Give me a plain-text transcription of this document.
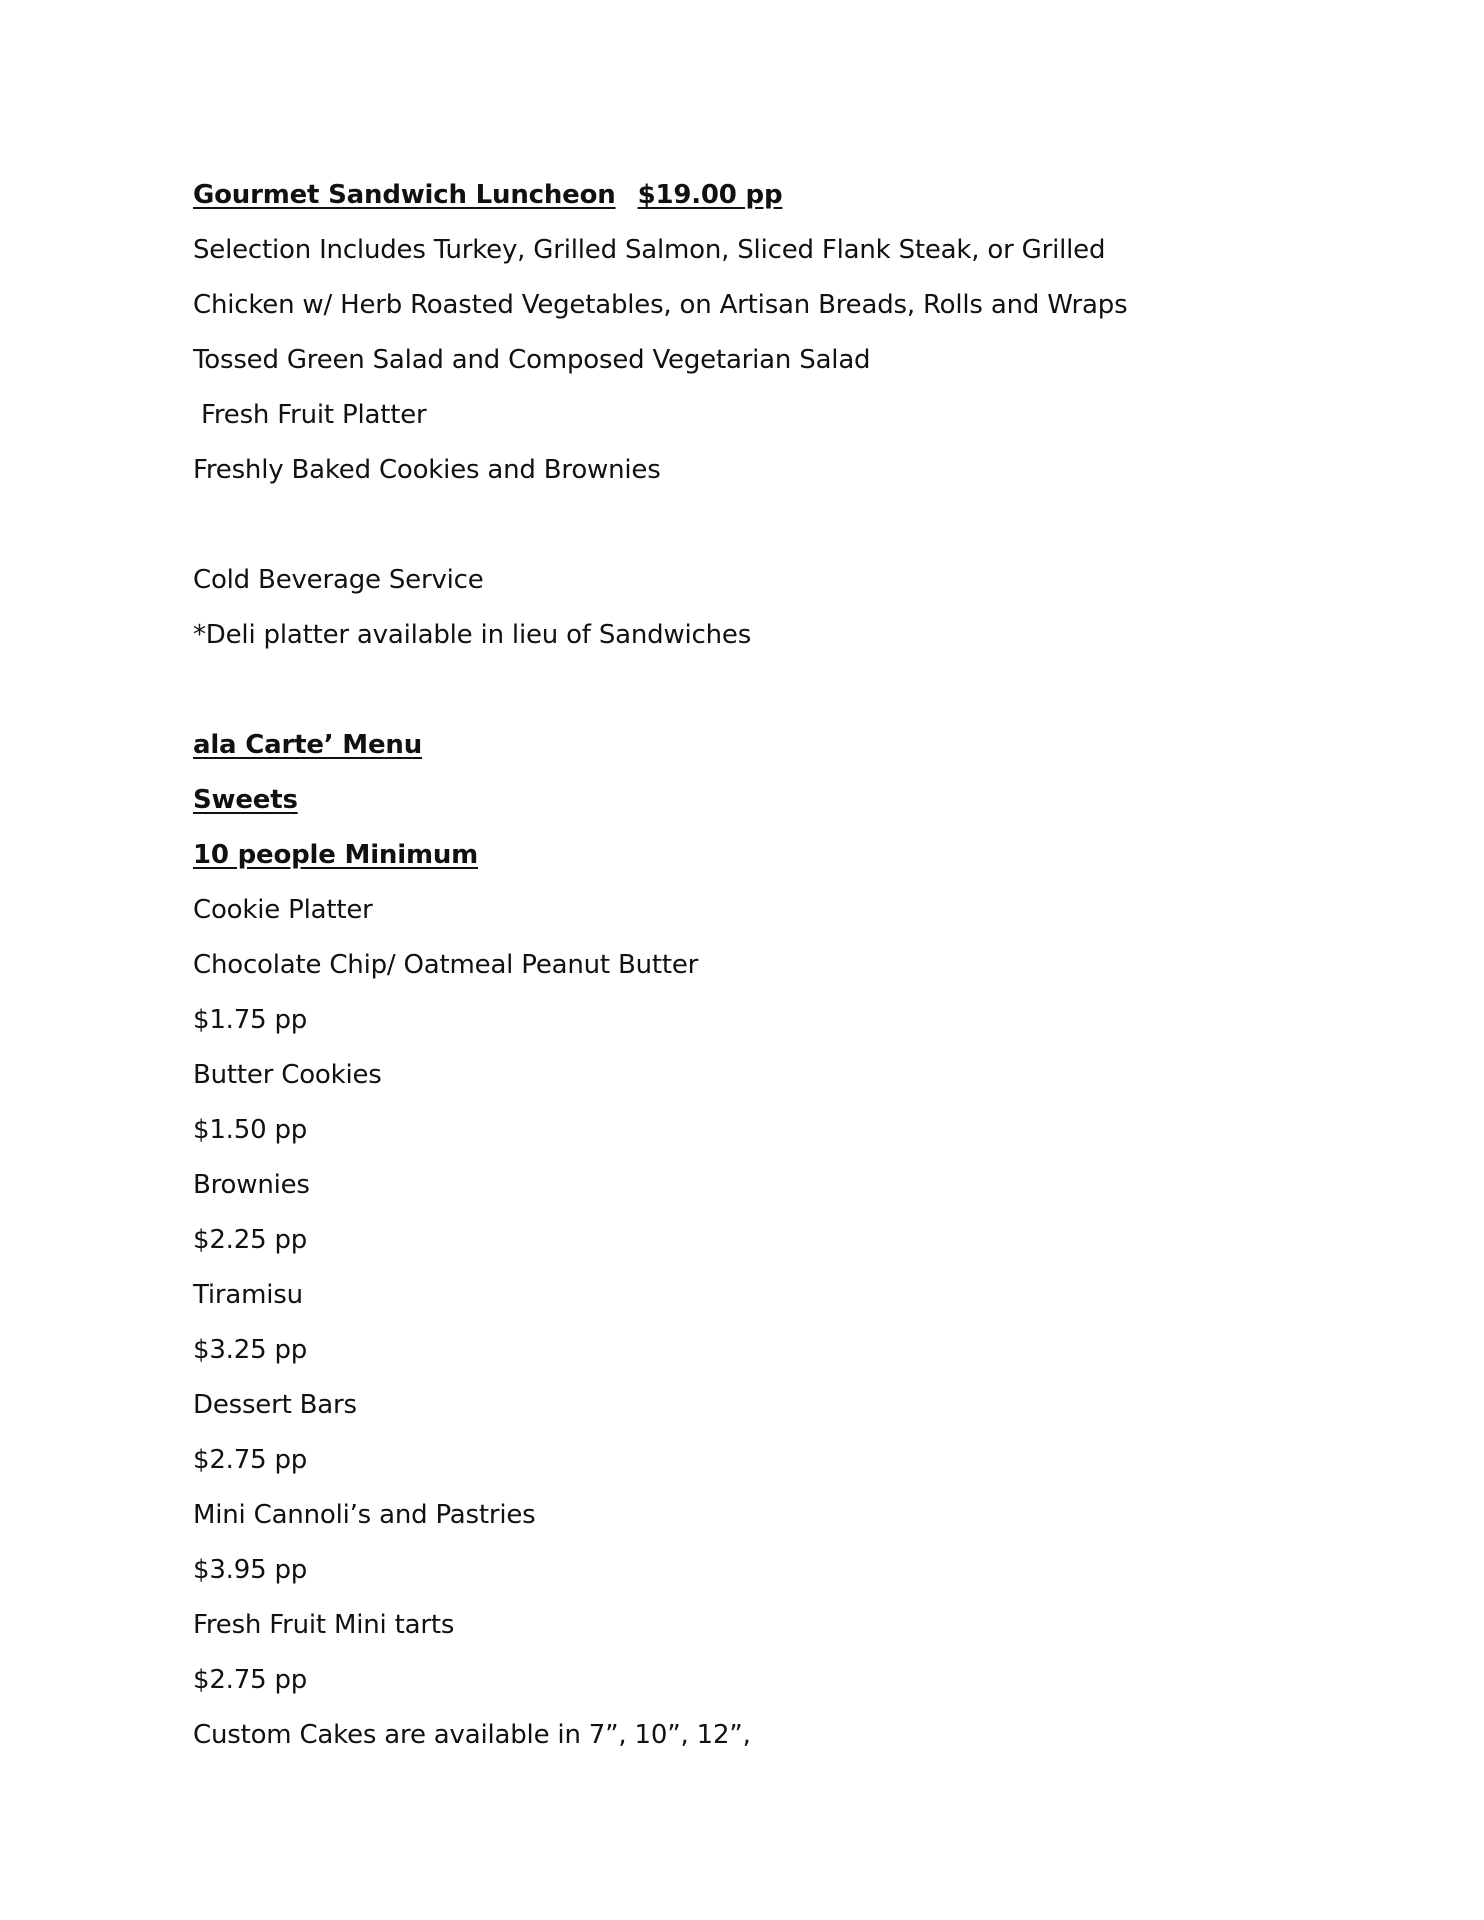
Gourmet Sandwich Luncheon $19.00 pp
Selection Includes Turkey, Grilled Salmon, Sliced Flank Steak, or Grilled
Chicken w/ Herb Roasted Vegetables, on Artisan Breads, Rolls and Wraps
Tossed Green Salad and Composed Vegetarian Salad
Fresh Fruit Platter
Freshly Baked Cookies and Brownies
Cold Beverage Service
*Deli platter available in lieu of Sandwiches
ala Carte’ Menu
Sweets
10 people Minimum
Cookie Platter
Chocolate Chip/ Oatmeal Peanut Butter
$1.75 pp
Butter Cookies
$1.50 pp
Brownies
$2.25 pp
Tiramisu
$3.25 pp
Dessert Bars
$2.75 pp
Mini Cannoli’s and Pastries
$3.95 pp
Fresh Fruit Mini tarts
$2.75 pp
Custom Cakes are available in 7”, 10”, 12”,
